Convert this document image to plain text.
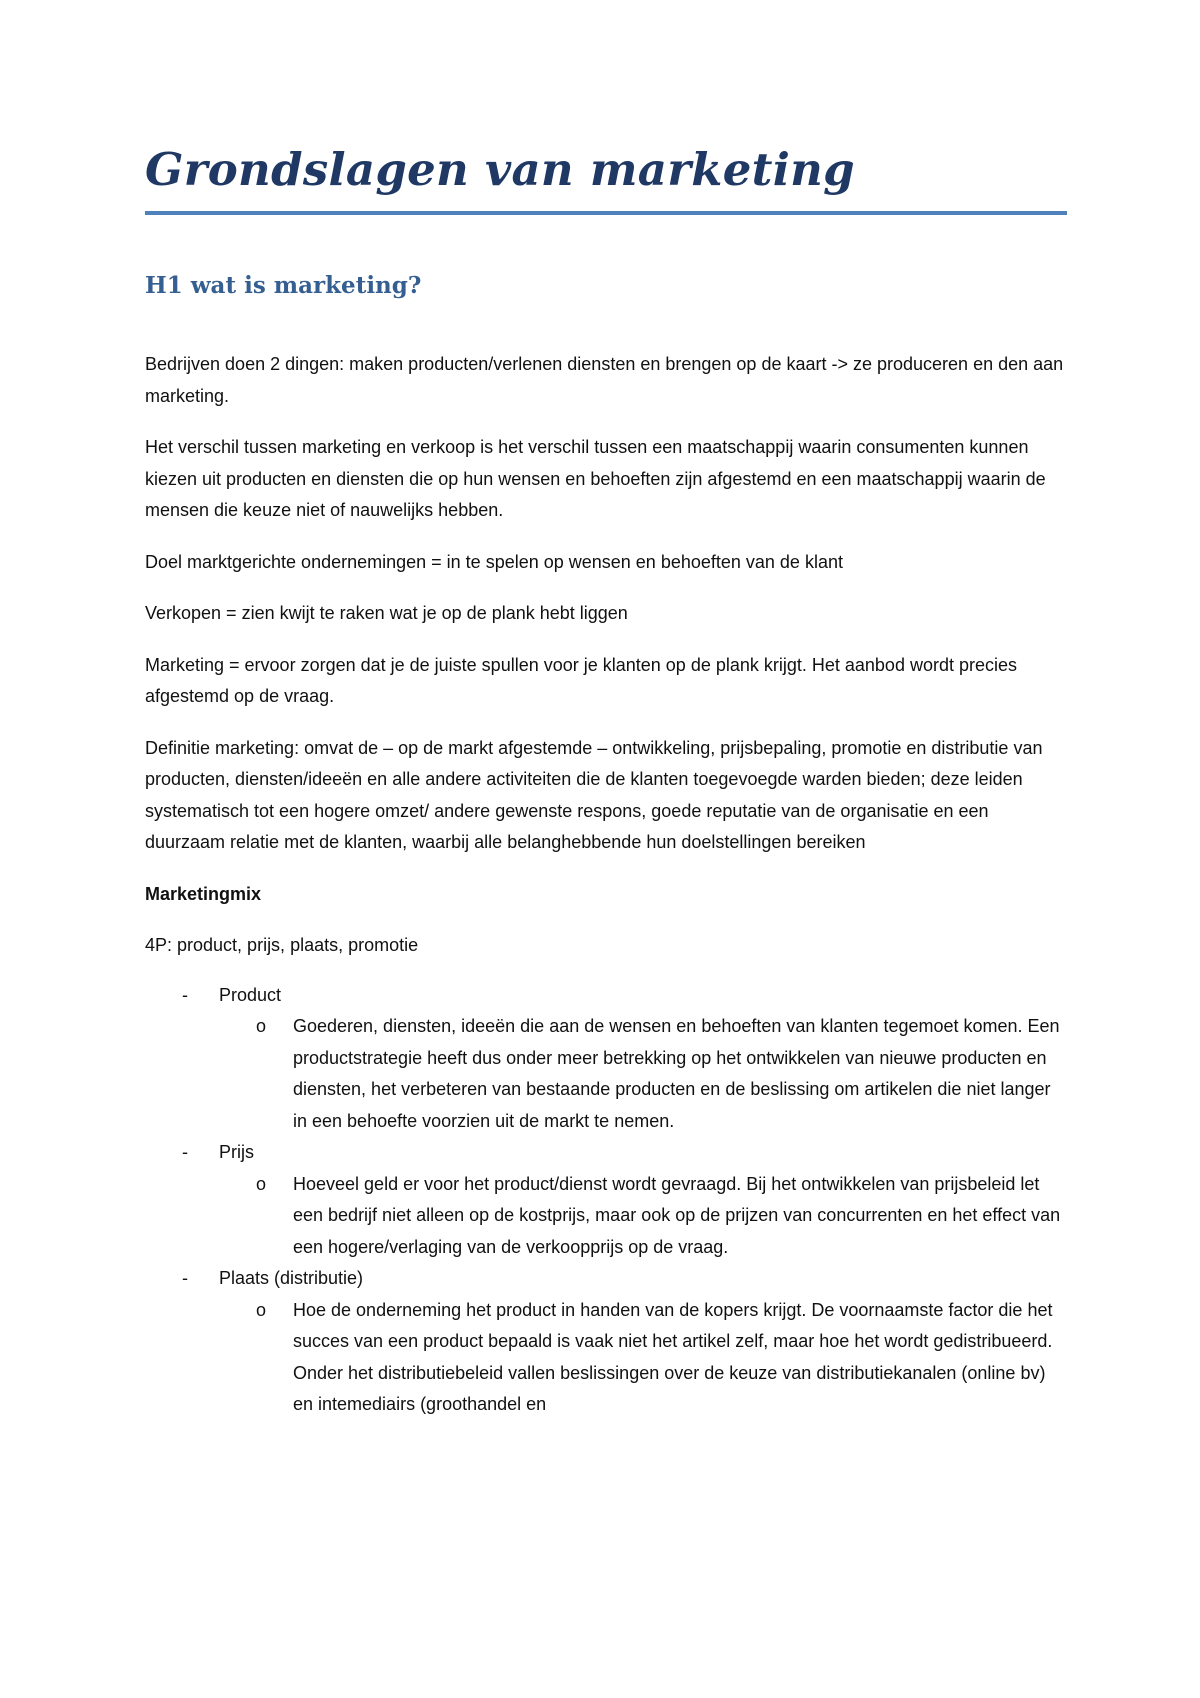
Grondslagen van marketing
H1 wat is marketing?

Bedrijven doen 2 dingen: maken producten/verlenen diensten en brengen op de kaart -> ze produceren en den aan marketing.

Het verschil tussen marketing en verkoop is het verschil tussen een maatschappij waarin consumenten kunnen kiezen uit producten en diensten die op hun wensen en behoeften zijn afgestemd en een maatschappij waarin de mensen die keuze niet of nauwelijks hebben.

Doel marktgerichte ondernemingen = in te spelen op wensen en behoeften van de klant

Verkopen = zien kwijt te raken wat je op de plank hebt liggen

Marketing = ervoor zorgen dat je de juiste spullen voor je klanten op de plank krijgt. Het aanbod wordt precies afgestemd op de vraag.

Definitie marketing: omvat de – op de markt afgestemde – ontwikkeling, prijsbepaling, promotie en distributie van producten, diensten/ideeën en alle andere activiteiten die de klanten toegevoegde warden bieden; deze leiden systematisch tot een hogere omzet/ andere gewenste respons, goede reputatie van de organisatie en een duurzaam relatie met de klanten, waarbij alle belanghebbende hun doelstellingen bereiken

Marketingmix

4P: product, prijs, plaats, promotie

- Product
o Goederen, diensten, ideeën die aan de wensen en behoeften van klanten tegemoet komen. Een productstrategie heeft dus onder meer betrekking op het ontwikkelen van nieuwe producten en diensten, het verbeteren van bestaande producten en de beslissing om artikelen die niet langer in een behoefte voorzien uit de markt te nemen.
- Prijs
o Hoeveel geld er voor het product/dienst wordt gevraagd. Bij het ontwikkelen van prijsbeleid let een bedrijf niet alleen op de kostprijs, maar ook op de prijzen van concurrenten en het effect van een hogere/verlaging van de verkoopprijs op de vraag.
- Plaats (distributie)
o Hoe de onderneming het product in handen van de kopers krijgt. De voornaamste factor die het succes van een product bepaald is vaak niet het artikel zelf, maar hoe het wordt gedistribueerd. Onder het distributiebeleid vallen beslissingen over de keuze van distributiekanalen (online bv) en intemediairs (groothandel en
